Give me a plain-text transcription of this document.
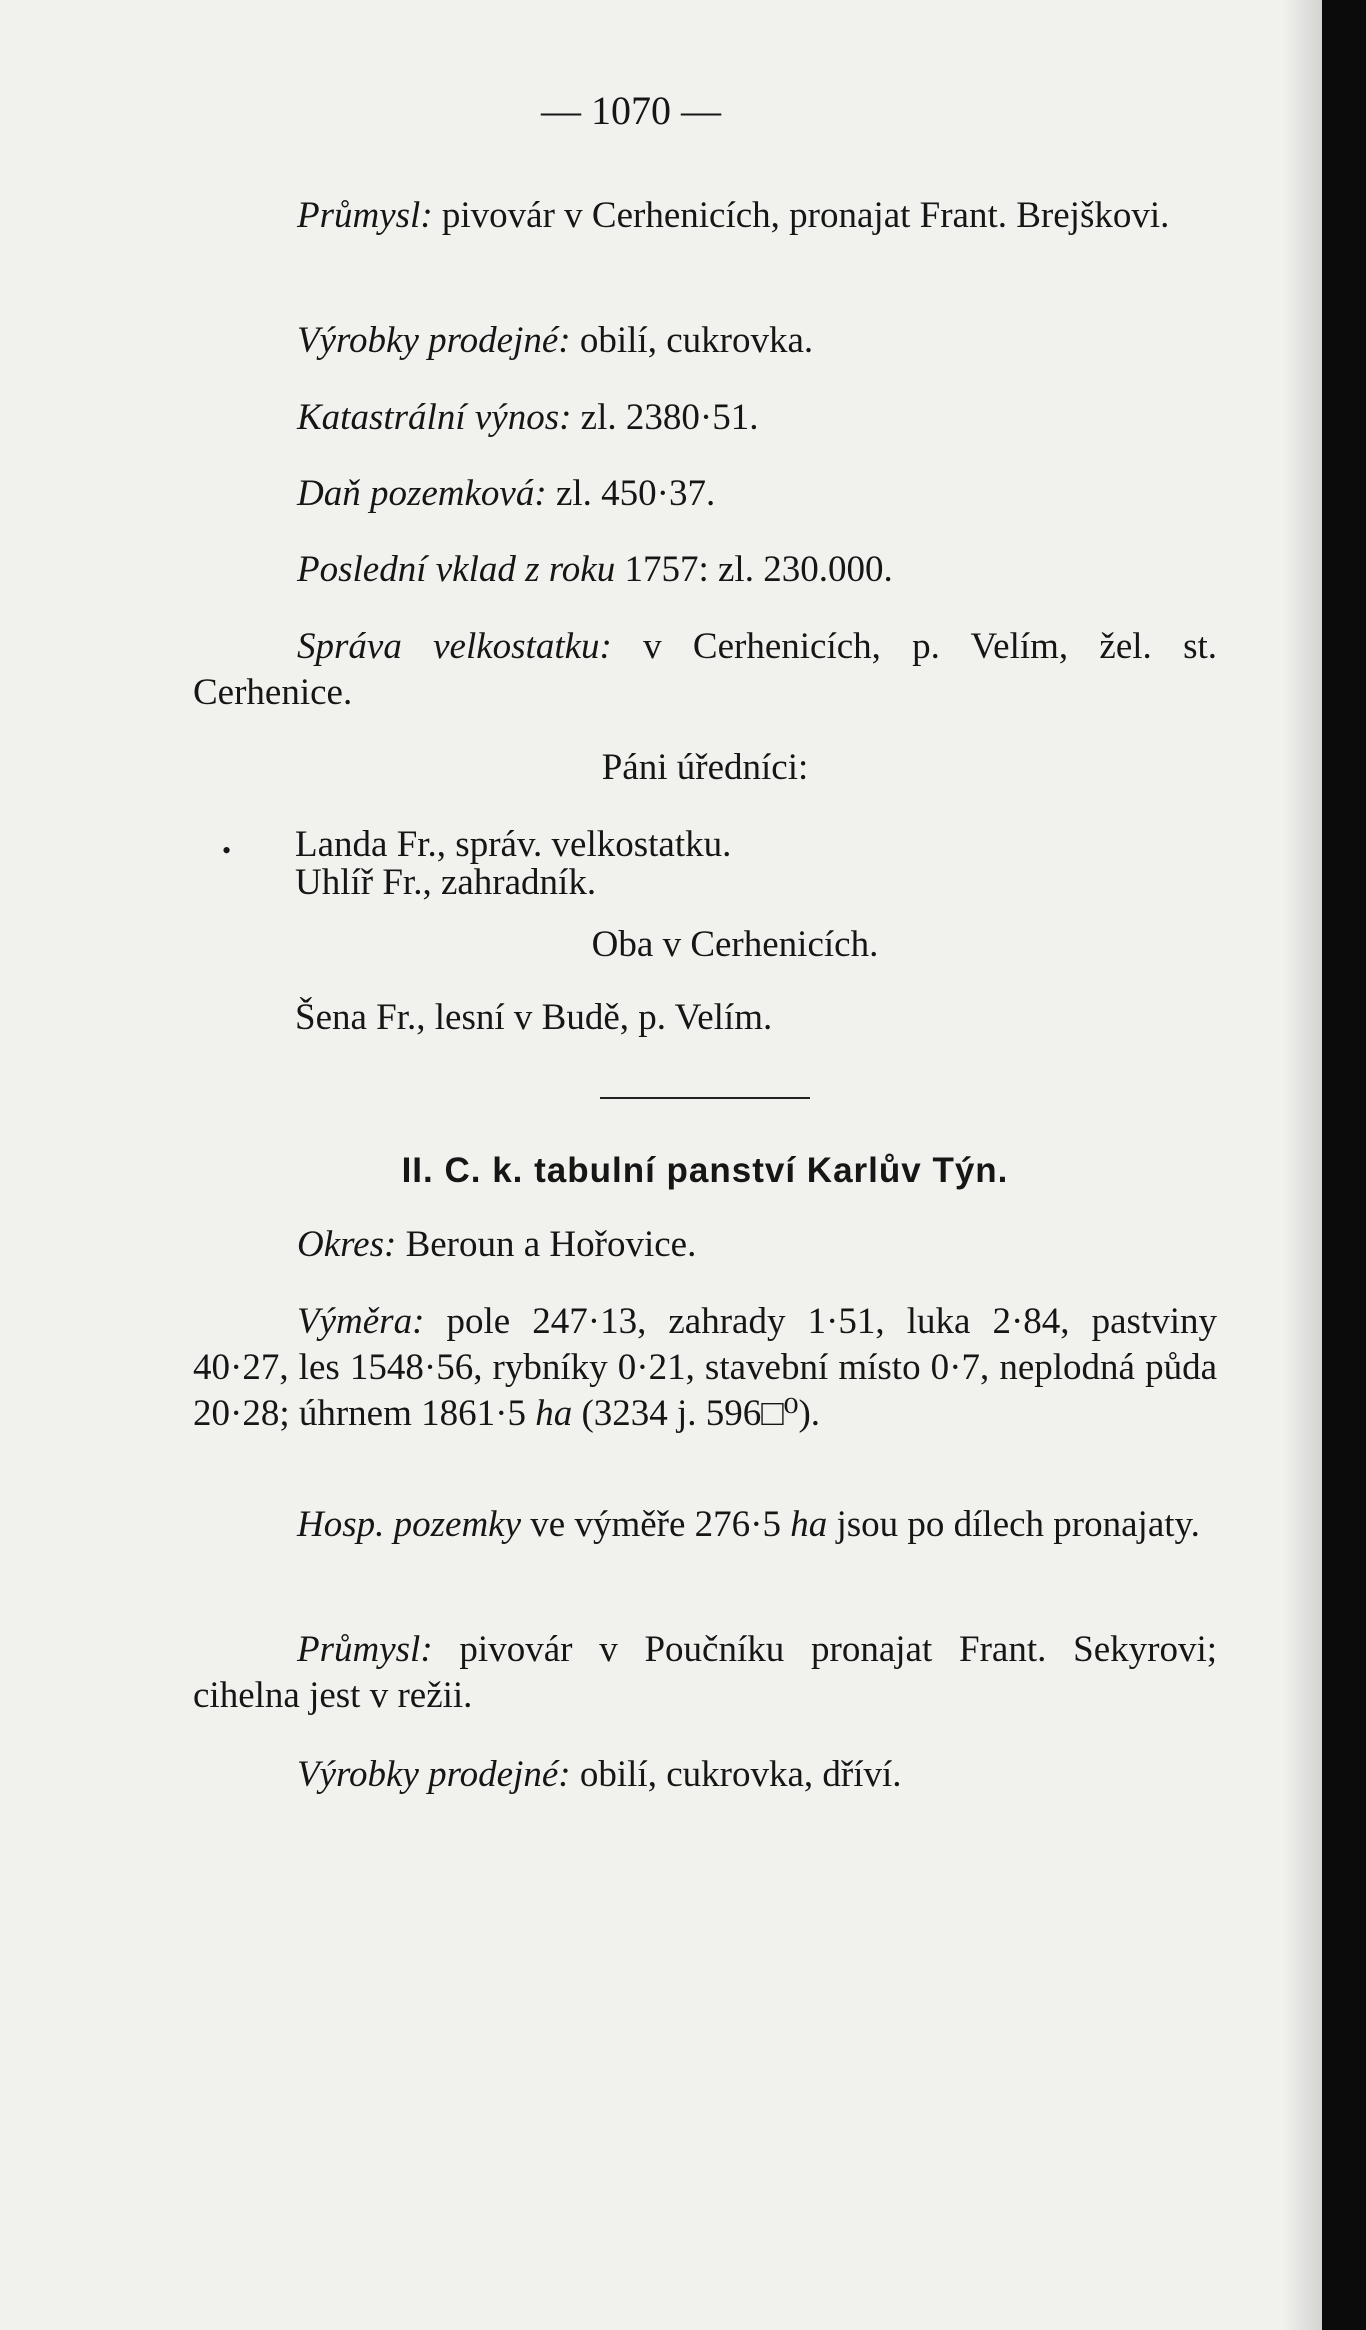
— 1070 —

Průmysl: pivovár v Cerhenicích, pronajat Frant. Brejškovi.

Výrobky prodejné: obilí, cukrovka.

Katastrální výnos: zl. 2380·51.

Daň pozemková: zl. 450·37.

Poslední vklad z roku 1757: zl. 230.000.

Správa velkostatku: v Cerhenicích, p. Velím, žel. st. Cerhenice.

Páni úředníci:
• Landa Fr., správ. velkostatku.
Uhlíř Fr., zahradník.
Oba v Cerhenicích.
Šena Fr., lesní v Budě, p. Velím.
II. C. k. tabulní panství Karlův Týn.

Okres: Beroun a Hořovice.

Výměra: pole 247·13, zahrady 1·51, luka 2·84, pastviny 40·27, les 1548·56, rybníky 0·21, stavební místo 0·7, neplodná půda 20·28; úhrnem 1861·5 ha (3234 j. 596□⁰).

Hosp. pozemky ve výměře 276·5 ha jsou po dílech pronajaty.

Průmysl: pivovár v Poučníku pronajat Frant. Sekyrovi; cihelna jest v režii.

Výrobky prodejné: obilí, cukrovka, dříví.
